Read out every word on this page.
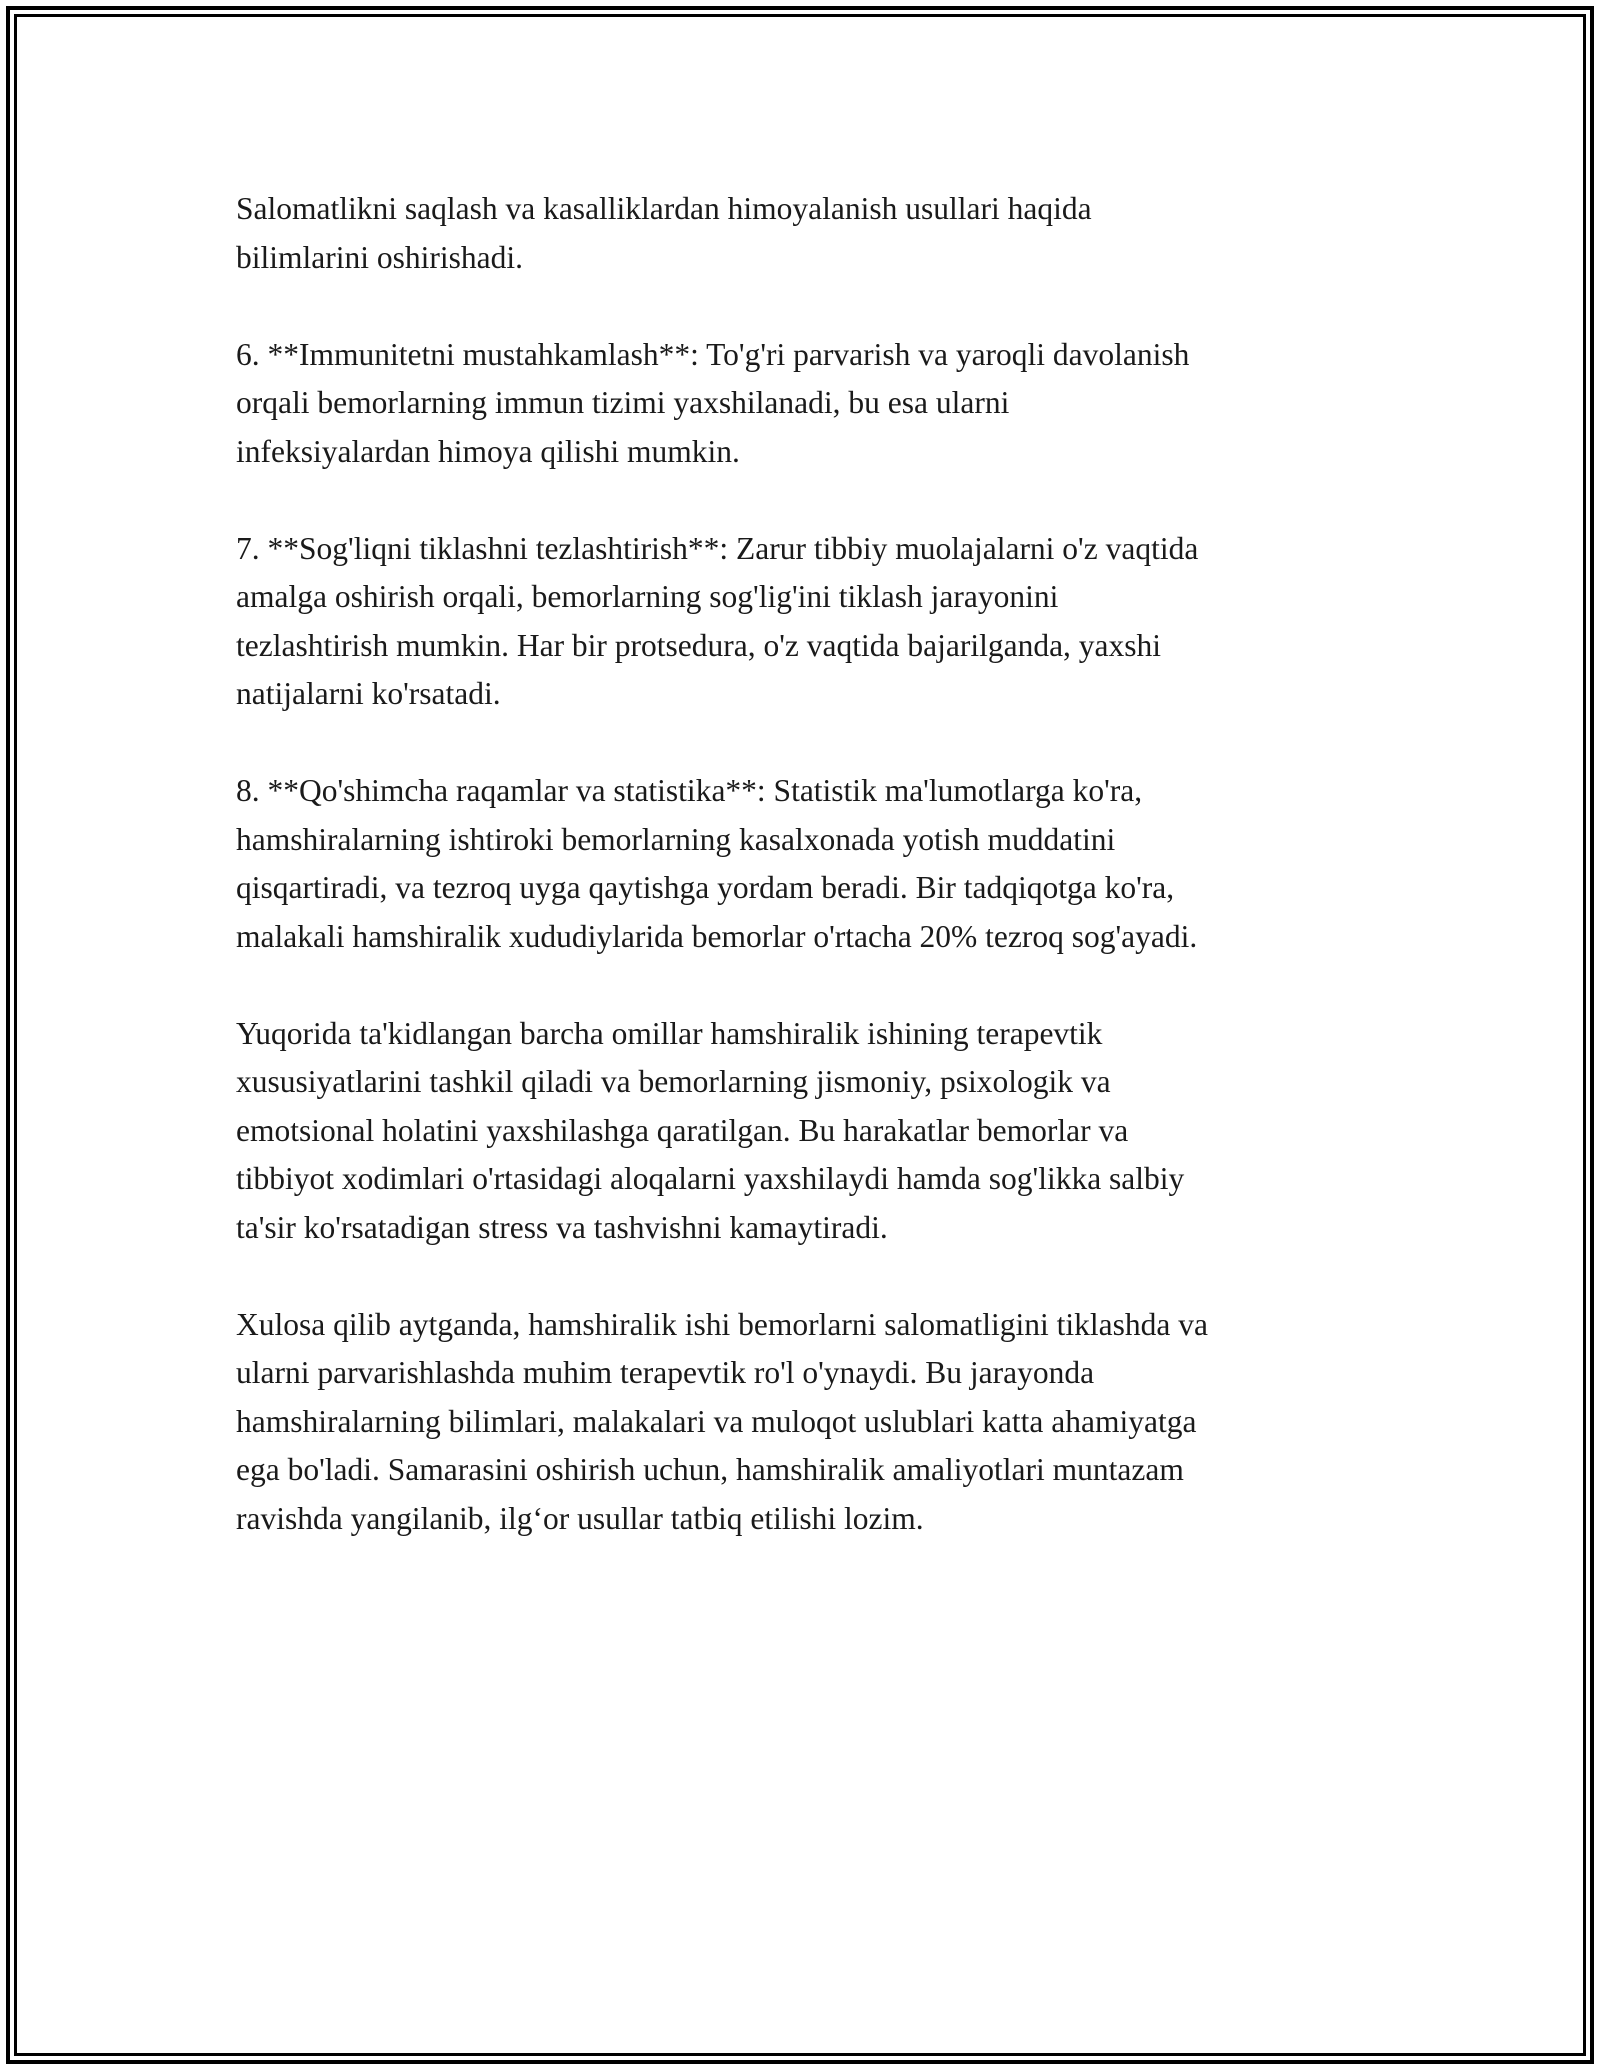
Salomatlikni saqlash va kasalliklardan himoyalanish usullari haqida
bilimlarini oshirishadi.

6. **Immunitetni mustahkamlash**: To'g'ri parvarish va yaroqli davolanish
orqali bemorlarning immun tizimi yaxshilanadi, bu esa ularni
infeksiyalardan himoya qilishi mumkin.

7. **Sog'liqni tiklashni tezlashtirish**: Zarur tibbiy muolajalarni o'z vaqtida
amalga oshirish orqali, bemorlarning sog'lig'ini tiklash jarayonini
tezlashtirish mumkin. Har bir protsedura, o'z vaqtida bajarilganda, yaxshi
natijalarni ko'rsatadi.

8. **Qo'shimcha raqamlar va statistika**: Statistik ma'lumotlarga ko'ra,
hamshiralarning ishtiroki bemorlarning kasalxonada yotish muddatini
qisqartiradi, va tezroq uyga qaytishga yordam beradi. Bir tadqiqotga ko'ra,
malakali hamshiralik xududiylarida bemorlar o'rtacha 20% tezroq sog'ayadi.

Yuqorida ta'kidlangan barcha omillar hamshiralik ishining terapevtik
xususiyatlarini tashkil qiladi va bemorlarning jismoniy, psixologik va
emotsional holatini yaxshilashga qaratilgan. Bu harakatlar bemorlar va
tibbiyot xodimlari o'rtasidagi aloqalarni yaxshilaydi hamda sog'likka salbiy
ta'sir ko'rsatadigan stress va tashvishni kamaytiradi.

Xulosa qilib aytganda, hamshiralik ishi bemorlarni salomatligini tiklashda va
ularni parvarishlashda muhim terapevtik ro'l o'ynaydi. Bu jarayonda
hamshiralarning bilimlari, malakalari va muloqot uslublari katta ahamiyatga
ega bo'ladi. Samarasini oshirish uchun, hamshiralik amaliyotlari muntazam
ravishda yangilanib, ilg‘or usullar tatbiq etilishi lozim.
